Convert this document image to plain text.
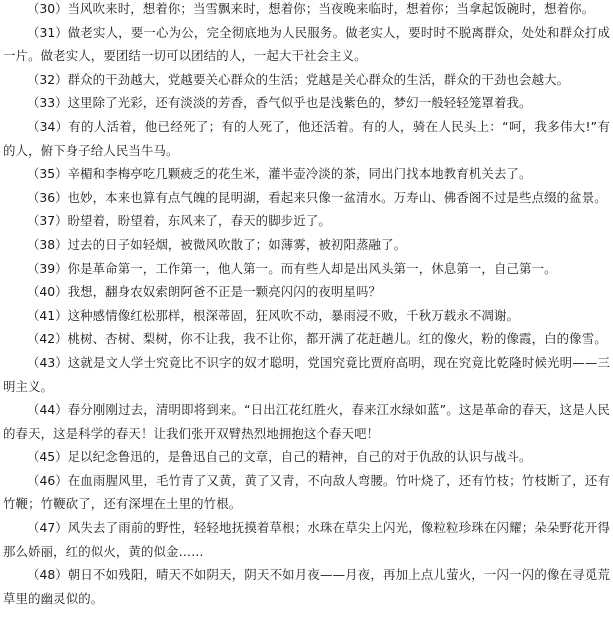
（30）当风吹来时，想着你；当雪飘来时，想着你；当夜晚来临时，想着你；当拿起饭碗时，想着你。

（31）做老实人，要一心为公，完全彻底地为人民服务。做老实人，要时时不脱离群众，处处和群众打成一片。做老实人，要团结一切可以团结的人，一起大干社会主义。

（32）群众的干劲越大，党越要关心群众的生活；党越是关心群众的生活，群众的干劲也会越大。

（33）这里除了光彩，还有淡淡的芳香，香气似乎也是浅紫色的，梦幻一般轻轻笼罩着我。

（34）有的人活着，他已经死了；有的人死了，他还活着。有的人，骑在人民头上：“呵，我多伟大!”有的人，俯下身子给人民当牛马。

（35）辛楣和李梅亭吃几颗疲乏的花生米，灌半壶冷淡的茶，同出门找本地教育机关去了。

（36）也妙，本来也算有点气魄的昆明湖，看起来只像一盆清水。万寿山、佛香阁不过是些点缀的盆景。

（37）盼望着，盼望着，东风来了，春天的脚步近了。

（38）过去的日子如轻烟，被微风吹散了；如薄雾，被初阳蒸融了。

（39）你是革命第一，工作第一，他人第一。而有些人却是出风头第一，休息第一，自己第一。

（40）我想，翻身农奴索朗阿爸不正是一颗亮闪闪的夜明星吗？

（41）这种感情像红松那样，根深蒂固，狂风吹不动，暴雨浸不败，千秋万载永不凋谢。

（42）桃树、杏树、梨树，你不让我，我不让你，都开满了花赶趟儿。红的像火，粉的像霞，白的像雪。

（43）这就是文人学士究竟比不识字的奴才聪明，党国究竟比贾府高明，现在究竟比乾隆时候光明——三明主义。

（44）春分刚刚过去，清明即将到来。“日出江花红胜火，春来江水绿如蓝”。这是革命的春天，这是人民的春天，这是科学的春天！让我们张开双臂热烈地拥抱这个春天吧！

（45）足以纪念鲁迅的，是鲁迅自己的文章，自己的精神，自己的对于仇敌的认识与战斗。

（46）在血雨腥风里，毛竹青了又黄，黄了又青，不向敌人弯腰。竹叶烧了，还有竹枝；竹枝断了，还有竹鞭；竹鞭砍了，还有深埋在土里的竹根。

（47）风失去了雨前的野性，轻轻地抚摸着草根；水珠在草尖上闪光，像粒粒珍珠在闪耀；朵朵野花开得那么娇丽，红的似火，黄的似金……

（48）朝日不如残阳，晴天不如阴天，阴天不如月夜——月夜，再加上点儿萤火，一闪一闪的像在寻觅荒草里的幽灵似的。
